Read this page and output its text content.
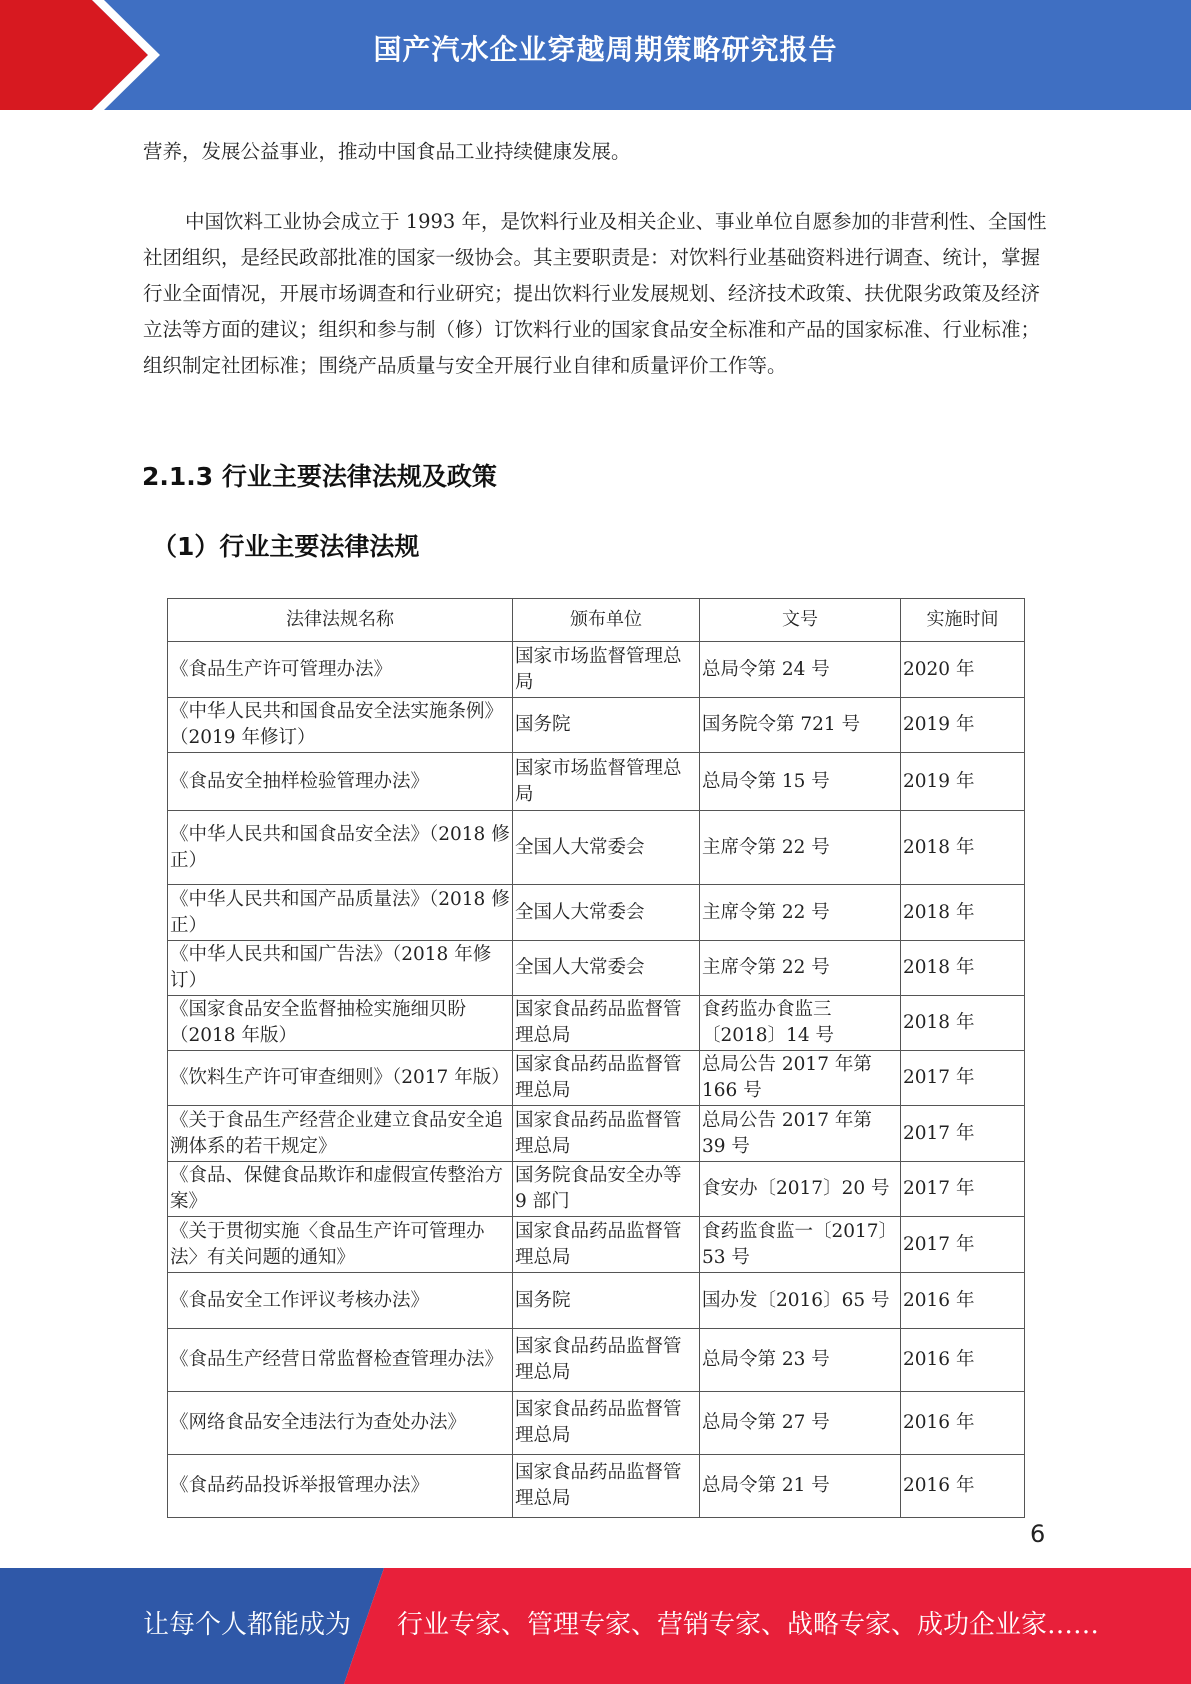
国产汽水企业穿越周期策略研究报告

营养，发展公益事业，推动中国食品工业持续健康发展。

中国饮料工业协会成立于 1993 年，是饮料行业及相关企业、事业单位自愿参加的非营利性、全国性社团组织，是经民政部批准的国家一级协会。其主要职责是：对饮料行业基础资料进行调查、统计，掌握行业全面情况，开展市场调查和行业研究；提出饮料行业发展规划、经济技术政策、扶优限劣政策及经济立法等方面的建议；组织和参与制（修）订饮料行业的国家食品安全标准和产品的国家标准、行业标准；组织制定社团标准；围绕产品质量与安全开展行业自律和质量评价工作等。

2.1.3 行业主要法律法规及政策
（1）行业主要法律法规
法律法规名称	颁布单位	文号	实施时间
《食品生产许可管理办法》	国家市场监督管理总局	总局令第 24 号	2020 年
《中华人民共和国食品安全法实施条例》（2019 年修订）	国务院	国务院令第 721 号	2019 年
《食品安全抽样检验管理办法》	国家市场监督管理总局	总局令第 15 号	2019 年
《中华人民共和国食品安全法》（2018 修正）	全国人大常委会	主席令第 22 号	2018 年
《中华人民共和国产品质量法》（2018 修正）	全国人大常委会	主席令第 22 号	2018 年
《中华人民共和国广告法》（2018 年修订）	全国人大常委会	主席令第 22 号	2018 年
《国家食品安全监督抽检实施细贝盼（2018 年版）	国家食品药品监督管理总局	食药监办食监三〔2018〕14 号	2018 年
《饮料生产许可审查细则》（2017 年版）	国家食品药品监督管理总局	总局公告 2017 年第 166 号	2017 年
《关于食品生产经营企业建立食品安全追溯体系的若干规定》	国家食品药品监督管理总局	总局公告 2017 年第 39 号	2017 年
《食品、保健食品欺诈和虚假宣传整治方案》	国务院食品安全办等 9 部门	食安办〔2017〕20 号	2017 年
《关于贯彻实施〈食品生产许可管理办法〉有关问题的通知》	国家食品药品监督管理总局	食药监食监一〔2017〕53 号	2017 年
《食品安全工作评议考核办法》	国务院	国办发〔2016〕65 号	2016 年
《食品生产经营日常监督检查管理办法》	国家食品药品监督管理总局	总局令第 23 号	2016 年
《网络食品安全违法行为查处办法》	国家食品药品监督管理总局	总局令第 27 号	2016 年
《食品药品投诉举报管理办法》	国家食品药品监督管理总局	总局令第 21 号	2016 年
6
让每个人都能成为 行业专家、管理专家、营销专家、战略专家、成功企业家……
